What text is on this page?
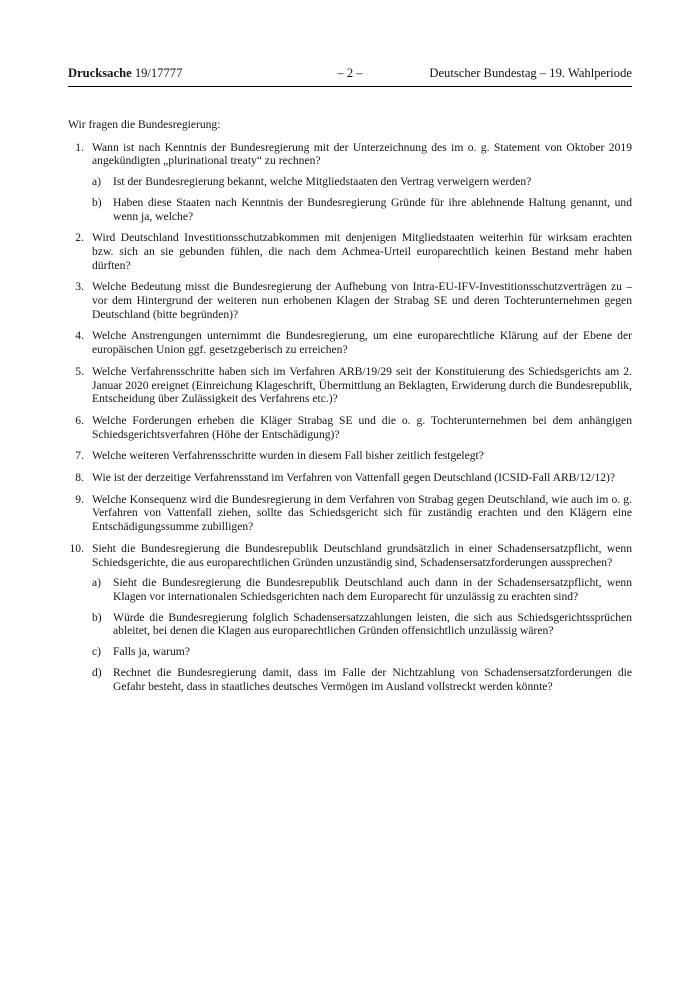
Drucksache 19/17777	– 2 –	Deutscher Bundestag – 19. Wahlperiode

Wir fragen die Bundesregierung:

1. Wann ist nach Kenntnis der Bundesregierung mit der Unterzeichnung des im o. g. Statement von Oktober 2019 angekündigten „plurinational treaty“ zu rechnen?

a)	Ist der Bundesregierung bekannt, welche Mitgliedstaaten den Vertrag verweigern werden?

b) Haben diese Staaten nach Kenntnis der Bundesregierung Gründe für ihre ablehnende Haltung genannt, und wenn ja, welche?

2. Wird Deutschland Investitionsschutzabkommen mit denjenigen Mitgliedstaaten weiterhin für wirksam erachten bzw. sich an sie gebunden fühlen, die nach dem Achmea-Urteil europarechtlich keinen Bestand mehr haben dürften?

3. Welche Bedeutung misst die Bundesregierung der Aufhebung von Intra-EU-IFV-Investitionsschutzverträgen zu – vor dem Hintergrund der weiteren nun erhobenen Klagen der Strabag SE und deren Tochterunternehmen gegen Deutschland (bitte begründen)?

4. Welche Anstrengungen unternimmt die Bundesregierung, um eine europarechtliche Klärung auf der Ebene der europäischen Union ggf. gesetzgeberisch zu erreichen?

5. Welche Verfahrensschritte haben sich im Verfahren ARB/19/29 seit der Konstituierung des Schiedsgerichts am 2. Januar 2020 ereignet (Einreichung Klageschrift, Übermittlung an Beklagten, Erwiderung durch die Bundesrepublik, Entscheidung über Zulässigkeit des Verfahrens etc.)?

6. Welche Forderungen erheben die Kläger Strabag SE und die o. g. Tochterunternehmen bei dem anhängigen Schiedsgerichtsverfahren (Höhe der Entschädigung)?

7. Welche weiteren Verfahrensschritte wurden in diesem Fall bisher zeitlich festgelegt?

8. Wie ist der derzeitige Verfahrensstand im Verfahren von Vattenfall gegen Deutschland (ICSID-Fall ARB/12/12)?

9. Welche Konsequenz wird die Bundesregierung in dem Verfahren von Strabag gegen Deutschland, wie auch im o. g. Verfahren von Vattenfall ziehen, sollte das Schiedsgericht sich für zuständig erachten und den Klägern eine Entschädigungssumme zubilligen?

10. Sieht die Bundesregierung die Bundesrepublik Deutschland grundsätzlich in einer Schadensersatzpflicht, wenn Schiedsgerichte, die aus europarechtlichen Gründen unzuständig sind, Schadensersatzforderungen aussprechen?

a)	Sieht die Bundesregierung die Bundesrepublik Deutschland auch dann in der Schadensersatzpflicht, wenn Klagen vor internationalen Schiedsgerichten nach dem Europarecht für unzulässig zu erachten sind?

b) Würde die Bundesregierung folglich Schadensersatzzahlungen leisten, die sich aus Schiedsgerichtssprüchen ableitet, bei denen die Klagen aus europarechtlichen Gründen offensichtlich unzulässig wären?

c)	Falls ja, warum?

d) Rechnet die Bundesregierung damit, dass im Falle der Nichtzahlung von Schadensersatzforderungen die Gefahr besteht, dass in staatliches deutsches Vermögen im Ausland vollstreckt werden könnte?
